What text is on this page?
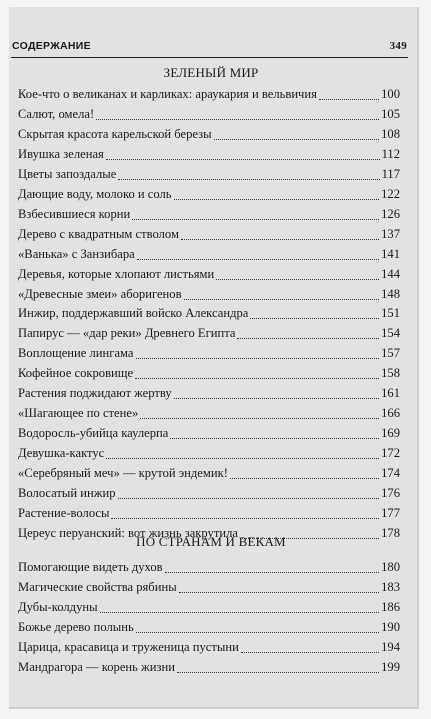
СОДЕРЖАНИЕ	349
ЗЕЛЕНЫЙ МИР
Кое-что о великанах и карликах: араукария и вельвичия	100
Салют, омела!	105
Скрытая красота карельской березы	108
Ивушка зеленая	112
Цветы запоздалые	117
Дающие воду, молоко и соль	122
Взбесившиеся корни	126
Дерево с квадратным стволом	137
«Ванька» с Занзибара	141
Деревья, которые хлопают листьями	144
«Древесные змеи» аборигенов	148
Инжир, поддержавший войско Александра	151
Папирус — «дар реки» Древнего Египта	154
Воплощение лингама	157
Кофейное сокровище	158
Растения поджидают жертву	161
«Шагающее по стене»	166
Водоросль-убийца каулерпа	169
Девушка-кактус	172
«Серебряный меч» — крутой эндемик!	174
Волосатый инжир	176
Растение-волосы	177
Цереус перуанский: вот жизнь закрутила	178
ПО СТРАНАМ И ВЕКАМ
Помогающие видеть духов	180
Магические свойства рябины	183
Дубы-колдуны	186
Божье дерево полынь	190
Царица, красавица и труженица пустыни	194
Мандрагора — корень жизни	199
